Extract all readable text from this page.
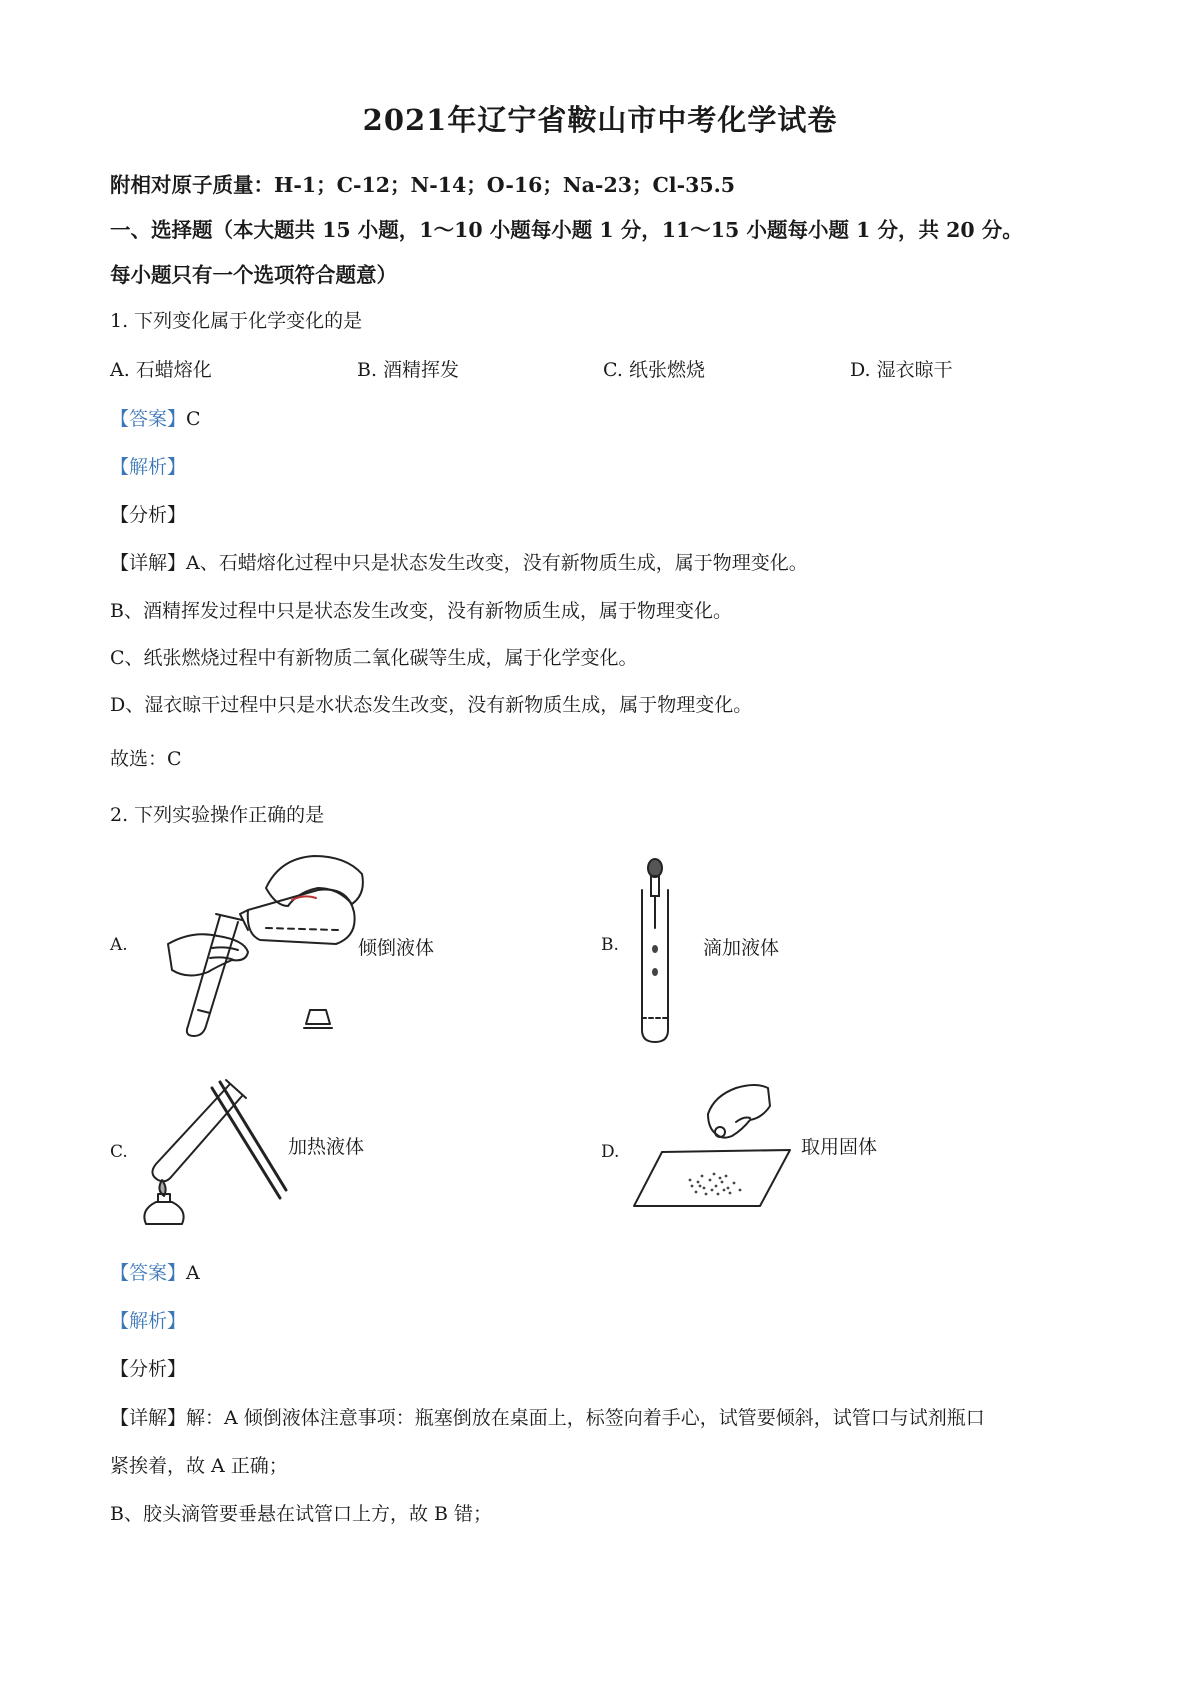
2021年辽宁省鞍山市中考化学试卷
附相对原子质量：H-1；C-12；N-14；O-16；Na-23；Cl-35.5
一、选择题（本大题共 15 小题，1～10 小题每小题 1 分，11～15 小题每小题 1 分，共 20 分。
每小题只有一个选项符合题意）
1. 下列变化属于化学变化的是
A. 石蜡熔化	B. 酒精挥发	C. 纸张燃烧	D. 湿衣晾干
【答案】C
【解析】
【分析】
【详解】A、石蜡熔化过程中只是状态发生改变，没有新物质生成，属于物理变化。
B、酒精挥发过程中只是状态发生改变，没有新物质生成，属于物理变化。
C、纸张燃烧过程中有新物质二氧化碳等生成，属于化学变化。
D、湿衣晾干过程中只是水状态发生改变，没有新物质生成，属于物理变化。
故选：C
2. 下列实验操作正确的是
A.	倾倒液体	B.	滴加液体
C.	加热液体	D.	取用固体
【答案】A
【解析】
【分析】
【详解】解：A 倾倒液体注意事项：瓶塞倒放在桌面上，标签向着手心，试管要倾斜，试管口与试剂瓶口
紧挨着，故 A 正确；
B、胶头滴管要垂悬在试管口上方，故 B 错；
